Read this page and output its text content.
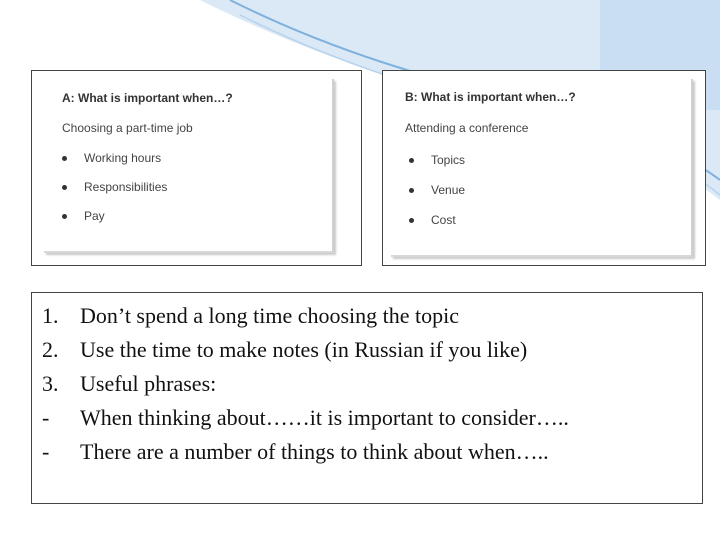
A: What is important when…?
Choosing a part-time job
Working hours
Responsibilities
Pay
B: What is important when…?
Attending a conference
Topics
Venue
Cost
1. Don’t spend a long time choosing the topic
2. Use the time to make notes (in Russian if you like)
3. Useful phrases:
-	When thinking about……it is important to consider…..
-	There are a number of things to think about when…..
